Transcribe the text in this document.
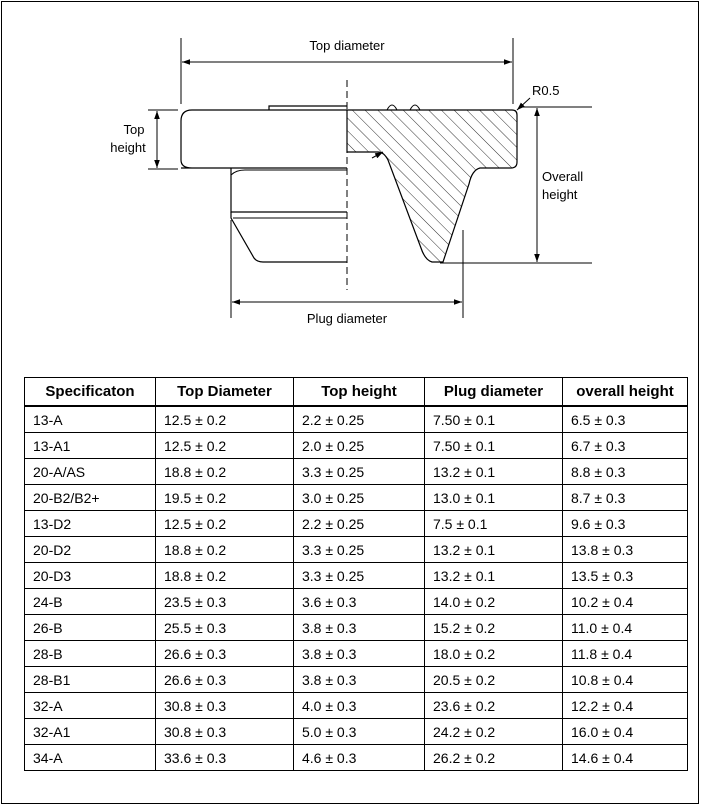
Top diameter
Top
height
R0.5
Overall
height
Plug diameter
Specificaton	Top Diameter	Top height	Plug diameter	overall height
13-A	12.5 ± 0.2	2.2 ± 0.25	7.50 ± 0.1	6.5 ± 0.3
13-A1	12.5 ± 0.2	2.0 ± 0.25	7.50 ± 0.1	6.7 ± 0.3
20-A/AS	18.8 ± 0.2	3.3 ± 0.25	13.2 ± 0.1	8.8 ± 0.3
20-B2/B2+	19.5 ± 0.2	3.0 ± 0.25	13.0 ± 0.1	8.7 ± 0.3
13-D2	12.5 ± 0.2	2.2 ± 0.25	7.5 ± 0.1	9.6 ± 0.3
20-D2	18.8 ± 0.2	3.3 ± 0.25	13.2 ± 0.1	13.8 ± 0.3
20-D3	18.8 ± 0.2	3.3 ± 0.25	13.2 ± 0.1	13.5 ± 0.3
24-B	23.5 ± 0.3	3.6 ± 0.3	14.0 ± 0.2	10.2 ± 0.4
26-B	25.5 ± 0.3	3.8 ± 0.3	15.2 ± 0.2	11.0 ± 0.4
28-B	26.6 ± 0.3	3.8 ± 0.3	18.0 ± 0.2	11.8 ± 0.4
28-B1	26.6 ± 0.3	3.8 ± 0.3	20.5 ± 0.2	10.8 ± 0.4
32-A	30.8 ± 0.3	4.0 ± 0.3	23.6 ± 0.2	12.2 ± 0.4
32-A1	30.8 ± 0.3	5.0 ± 0.3	24.2 ± 0.2	16.0 ± 0.4
34-A	33.6 ± 0.3	4.6 ± 0.3	26.2 ± 0.2	14.6 ± 0.4
